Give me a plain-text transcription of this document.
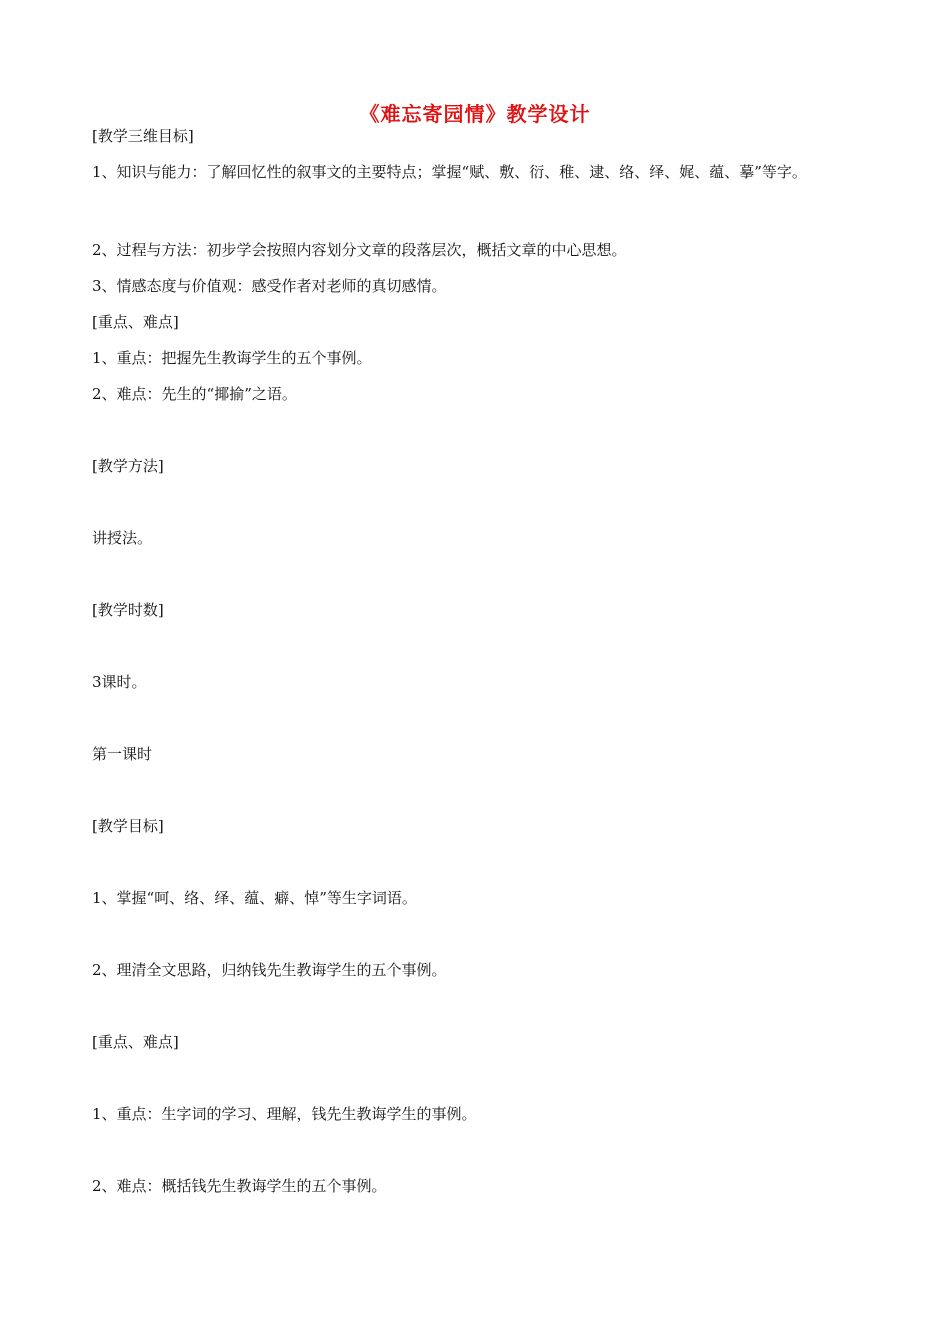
《难忘寄园情》教学设计
[教学三维目标]
1、知识与能力：了解回忆性的叙事文的主要特点；掌握“赋、敷、衍、稚、逮、络、绎、娓、蕴、摹”等字。
2、过程与方法：初步学会按照内容划分文章的段落层次，概括文章的中心思想。
3、情感态度与价值观：感受作者对老师的真切感情。
[重点、难点]
1、重点：把握先生教诲学生的五个事例。
2、难点：先生的“揶揄”之语。
[教学方法]
讲授法。
[教学时数]
3课时。
第一课时
[教学目标]
1、掌握“呵、络、绎、蕴、癖、悼”等生字词语。
2、理清全文思路，归纳钱先生教诲学生的五个事例。
[重点、难点]
1、重点：生字词的学习、理解，钱先生教诲学生的事例。
2、难点：概括钱先生教诲学生的五个事例。
